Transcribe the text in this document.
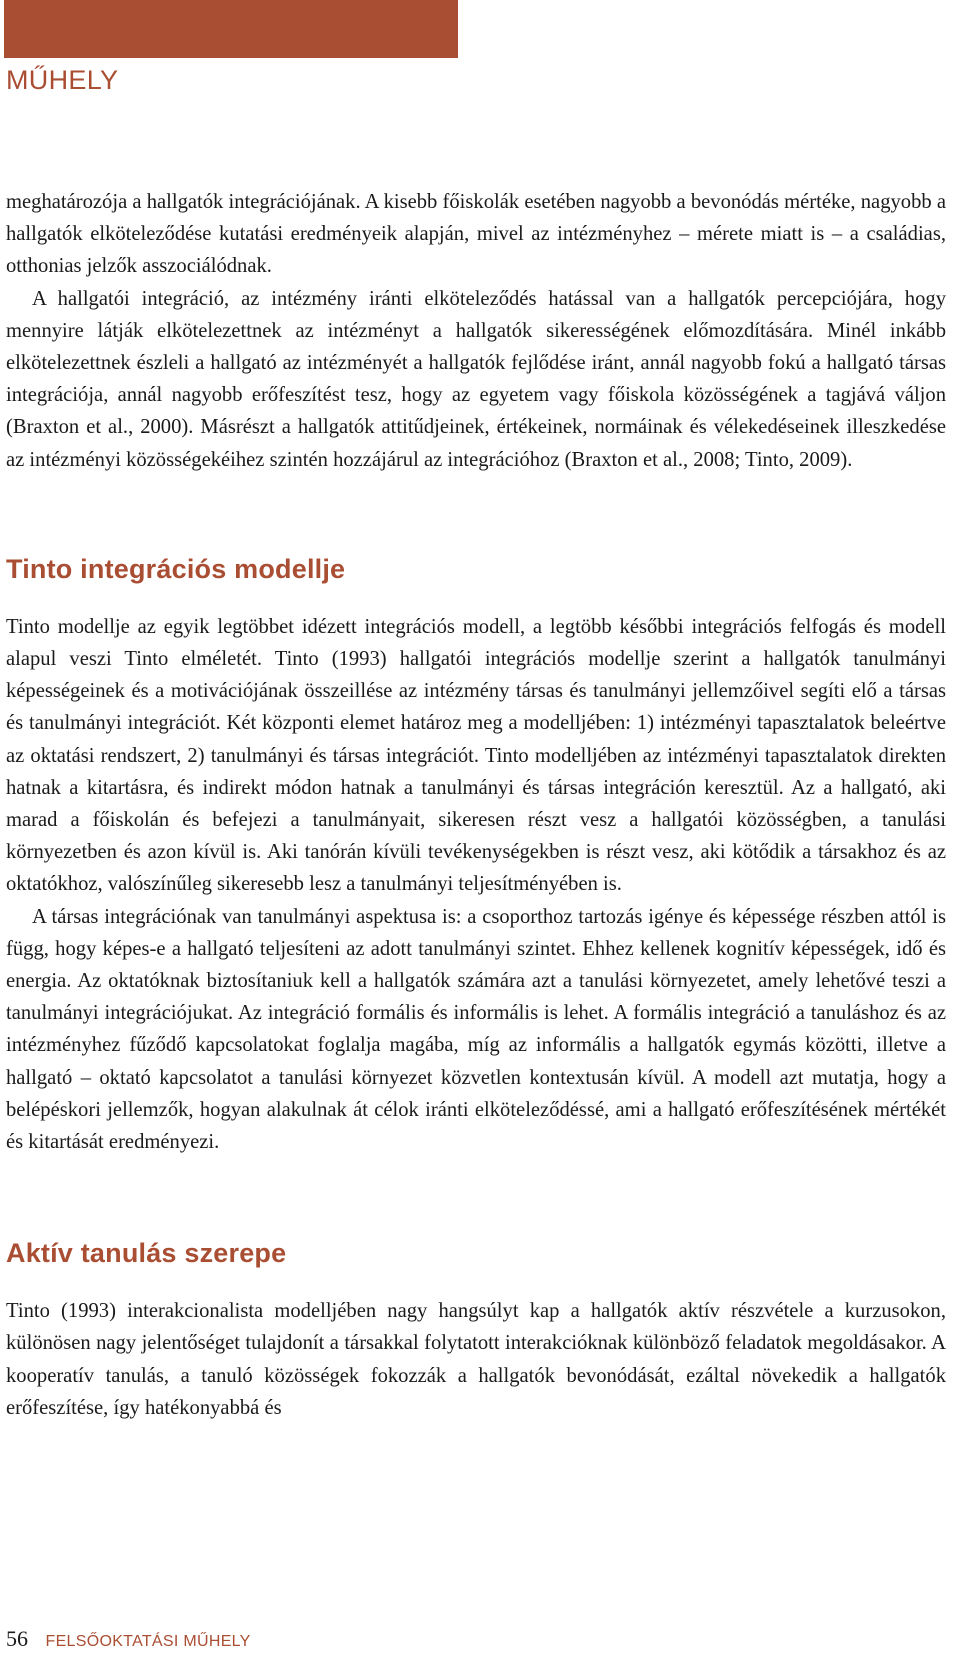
MŰHELY

meghatározója a hallgatók integrációjának. A kisebb főiskolák esetében nagyobb a bevonódás mértéke, nagyobb a hallgatók elköteleződése kutatási eredményeik alapján, mivel az intézményhez – mérete miatt is – a családias, otthonias jelzők asszociálódnak.

A hallgatói integráció, az intézmény iránti elköteleződés hatással van a hallgatók percepciójára, hogy mennyire látják elkötelezettnek az intézményt a hallgatók sikerességének előmozdítására. Minél inkább elkötelezettnek észleli a hallgató az intézményét a hallgatók fejlődése iránt, annál nagyobb fokú a hallgató társas integrációja, annál nagyobb erőfeszítést tesz, hogy az egyetem vagy főiskola közösségének a tagjává váljon (Braxton et al., 2000). Másrészt a hallgatók attitűdjeinek, értékeinek, normáinak és vélekedéseinek illeszkedése az intézményi közösségekéihez szintén hozzájárul az integrációhoz (Braxton et al., 2008; Tinto, 2009).

Tinto integrációs modellje

Tinto modellje az egyik legtöbbet idézett integrációs modell, a legtöbb későbbi integrációs felfogás és modell alapul veszi Tinto elméletét. Tinto (1993) hallgatói integrációs modellje szerint a hallgatók tanulmányi képességeinek és a motivációjának összeillése az intézmény társas és tanulmányi jellemzőivel segíti elő a társas és tanulmányi integrációt. Két központi elemet határoz meg a modelljében: 1) intézményi tapasztalatok beleértve az oktatási rendszert, 2) tanulmányi és társas integrációt. Tinto modelljében az intézményi tapasztalatok direkten hatnak a kitartásra, és indirekt módon hatnak a tanulmányi és társas integráción keresztül. Az a hallgató, aki marad a főiskolán és befejezi a tanulmányait, sikeresen részt vesz a hallgatói közösségben, a tanulási környezetben és azon kívül is. Aki tanórán kívüli tevékenységekben is részt vesz, aki kötődik a társakhoz és az oktatókhoz, valószínűleg sikeresebb lesz a tanulmányi teljesítményében is.

A társas integrációnak van tanulmányi aspektusa is: a csoporthoz tartozás igénye és képessége részben attól is függ, hogy képes-e a hallgató teljesíteni az adott tanulmányi szintet. Ehhez kellenek kognitív képességek, idő és energia. Az oktatóknak biztosítaniuk kell a hallgatók számára azt a tanulási környezetet, amely lehetővé teszi a tanulmányi integrációjukat. Az integráció formális és informális is lehet. A formális integráció a tanuláshoz és az intézményhez fűződő kapcsolatokat foglalja magába, míg az informális a hallgatók egymás közötti, illetve a hallgató – oktató kapcsolatot a tanulási környezet közvetlen kontextusán kívül. A modell azt mutatja, hogy a belépéskori jellemzők, hogyan alakulnak át célok iránti elköteleződéssé, ami a hallgató erőfeszítésének mértékét és kitartását eredményezi.

Aktív tanulás szerepe

Tinto (1993) interakcionalista modelljében nagy hangsúlyt kap a hallgatók aktív részvétele a kurzusokon, különösen nagy jelentőséget tulajdonít a társakkal folytatott interakcióknak különböző feladatok megoldásakor. A kooperatív tanulás, a tanuló közösségek fokozzák a hallgatók bevonódását, ezáltal növekedik a hallgatók erőfeszítése, így hatékonyabbá és

56 FELSŐOKTATÁSI MŰHELY
